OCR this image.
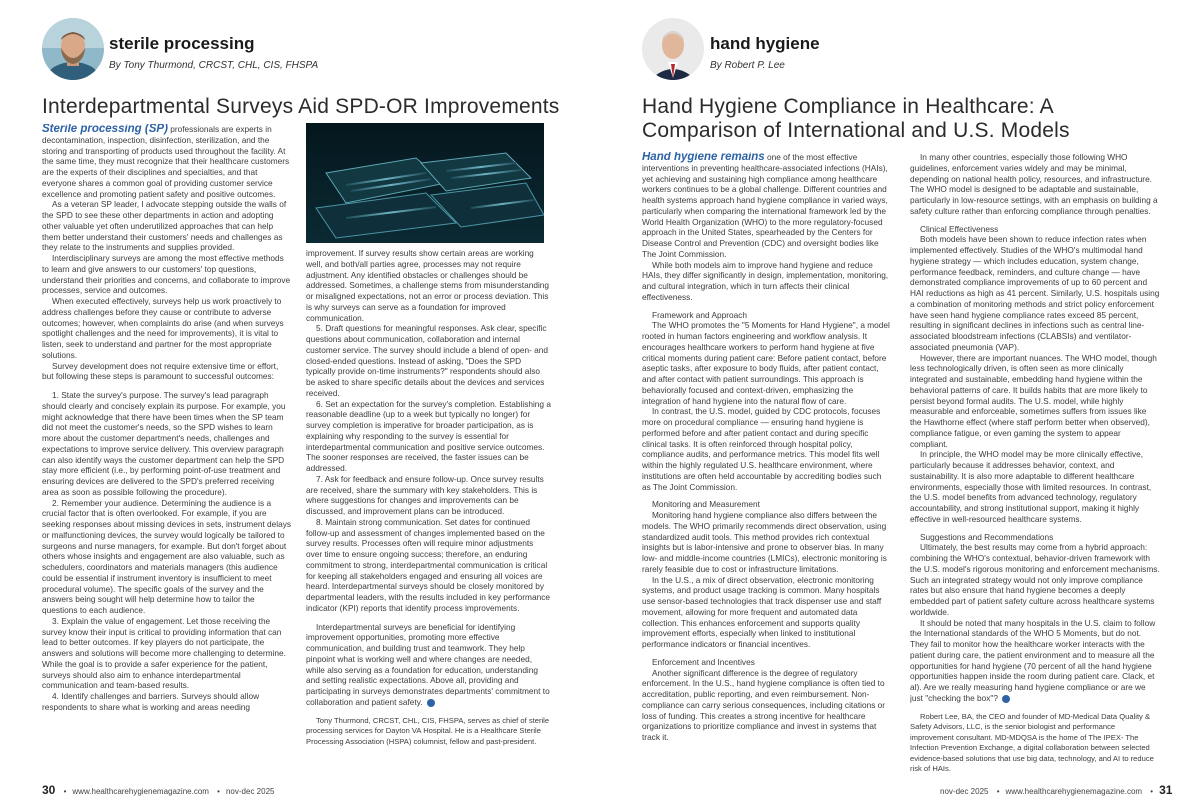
sterile processing
By Tony Thurmond, CRCST, CHL, CIS, FHSPA
Interdepartmental Surveys Aid SPD-OR Improvements

Sterile processing (SP) professionals are experts in decontamination, inspection, disinfection, sterilization, and the storing and transporting of products used throughout the facility. At the same time, they must recognize that their healthcare customers are the experts of their disciplines and specialties, and that everyone shares a common goal of providing customer service excellence and promoting patient safety and positive outcomes.

As a veteran SP leader, I advocate stepping outside the walls of the SPD to see these other departments in action and adopting other valuable yet often underutilized approaches that can help them better understand their customers' needs and challenges as they relate to the instruments and supplies provided.

Interdisciplinary surveys are among the most effective methods to learn and give answers to our customers' top questions, understand their priorities and concerns, and collaborate to improve processes, service and outcomes.

When executed effectively, surveys help us work proactively to address challenges before they cause or contribute to adverse outcomes; however, when complaints do arise (and when surveys spotlight challenges and the need for improvements), it is vital to listen, seek to understand and partner for the most appropriate solutions.

Survey development does not require extensive time or effort, but following these steps is paramount to successful outcomes:

1. State the survey's purpose. The survey's lead paragraph should clearly and concisely explain its purpose. For example, you might acknowledge that there have been times when the SP team did not meet the customer's needs, so the SPD wishes to learn more about the customer department's needs, challenges and expectations to improve service delivery. This overview paragraph can also identify ways the customer department can help the SPD stay more efficient (i.e., by performing point-of-use treatment and ensuring devices are delivered to the SPD's preferred receiving area as soon as possible following the procedure).

2. Remember your audience. Determining the audience is a crucial factor that is often overlooked. For example, if you are seeking responses about missing devices in sets, instrument delays or malfunctioning devices, the survey would logically be tailored to surgeons and nurse managers, for example. But don't forget about others whose insights and engagement are also valuable, such as schedulers, coordinators and materials managers (this audience could be essential if instrument inventory is insufficient to meet procedural volume). The specific goals of the survey and the answers being sought will help determine how to tailor the questions to each audience.

3. Explain the value of engagement. Let those receiving the survey know their input is critical to providing information that can lead to better outcomes. If key players do not participate, the answers and solutions will become more challenging to determine. While the goal is to provide a safer experience for the patient, surveys should also aim to enhance interdepartmental communication and team-based results.

4. Identify challenges and barriers. Surveys should allow respondents to share what is working and areas needing

improvement. If survey results show certain areas are working well, and both/all parties agree, processes may not require adjustment. Any identified obstacles or challenges should be addressed. Sometimes, a challenge stems from misunderstanding or misaligned expectations, not an error or process deviation. This is why surveys can serve as a foundation for improved communication.

5. Draft questions for meaningful responses. Ask clear, specific questions about communication, collaboration and internal customer service. The survey should include a blend of open- and closed-ended questions. Instead of asking, "Does the SPD typically provide on-time instruments?" respondents should also be asked to share specific details about the devices and services received.

6. Set an expectation for the survey's completion. Establishing a reasonable deadline (up to a week but typically no longer) for survey completion is imperative for broader participation, as is explaining why responding to the survey is essential for interdepartmental communication and positive service outcomes. The sooner responses are received, the faster issues can be addressed.

7. Ask for feedback and ensure follow-up. Once survey results are received, share the summary with key stakeholders. This is where suggestions for changes and improvements can be discussed, and improvement plans can be introduced.

8. Maintain strong communication. Set dates for continued follow-up and assessment of changes implemented based on the survey results. Processes often will require minor adjustments over time to ensure ongoing success; therefore, an enduring commitment to strong, interdepartmental communication is critical for keeping all stakeholders engaged and ensuring all voices are heard. Interdepartmental surveys should be closely monitored by departmental leaders, with the results included in key performance indicator (KPI) reports that identify process improvements.

Interdepartmental surveys are beneficial for identifying improvement opportunities, promoting more effective communication, and building trust and teamwork. They help pinpoint what is working well and where changes are needed, while also serving as a foundation for education, understanding and setting realistic expectations. Above all, providing and participating in surveys demonstrates departments' commitment to collaboration and patient safety.

Tony Thurmond, CRCST, CHL, CIS, FHSPA, serves as chief of sterile processing services for Dayton VA Hospital. He is a Healthcare Sterile Processing Association (HSPA) columnist, fellow and past-president.

30 • www.healthcarehygienemagazine.com • nov-dec 2025
hand hygiene
By Robert P. Lee
Hand Hygiene Compliance in Healthcare: A Comparison of International and U.S. Models

Hand hygiene remains one of the most effective interventions in preventing healthcare-associated infections (HAIs), yet achieving and sustaining high compliance among healthcare workers continues to be a global challenge. Different countries and health systems approach hand hygiene compliance in varied ways, particularly when comparing the international framework led by the World Health Organization (WHO) to the more regulatory-focused approach in the United States, spearheaded by the Centers for Disease Control and Prevention (CDC) and oversight bodies like The Joint Commission.

While both models aim to improve hand hygiene and reduce HAIs, they differ significantly in design, implementation, monitoring, and cultural integration, which in turn affects their clinical effectiveness.

Framework and Approach

The WHO promotes the "5 Moments for Hand Hygiene", a model rooted in human factors engineering and workflow analysis. It encourages healthcare workers to perform hand hygiene at five critical moments during patient care: Before patient contact, before aseptic tasks, after exposure to body fluids, after patient contact, and after contact with patient surroundings. This approach is behaviorally focused and context-driven, emphasizing the integration of hand hygiene into the natural flow of care.

In contrast, the U.S. model, guided by CDC protocols, focuses more on procedural compliance — ensuring hand hygiene is performed before and after patient contact and during specific clinical tasks. It is often reinforced through hospital policy, compliance audits, and performance metrics. This model fits well within the highly regulated U.S. healthcare environment, where institutions are often held accountable by accrediting bodies such as The Joint Commission.

Monitoring and Measurement

Monitoring hand hygiene compliance also differs between the models. The WHO primarily recommends direct observation, using standardized audit tools. This method provides rich contextual insights but is labor-intensive and prone to observer bias. In many low- and middle-income countries (LMICs), electronic monitoring is rarely feasible due to cost or infrastructure limitations.

In the U.S., a mix of direct observation, electronic monitoring systems, and product usage tracking is common. Many hospitals use sensor-based technologies that track dispenser use and staff movement, allowing for more frequent and automated data collection. This enhances enforcement and supports quality improvement efforts, especially when linked to institutional performance indicators or financial incentives.

Enforcement and Incentives

Another significant difference is the degree of regulatory enforcement. In the U.S., hand hygiene compliance is often tied to accreditation, public reporting, and even reimbursement. Non-compliance can carry serious consequences, including citations or loss of funding. This creates a strong incentive for healthcare organizations to prioritize compliance and invest in systems that track it.

In many other countries, especially those following WHO guidelines, enforcement varies widely and may be minimal, depending on national health policy, resources, and infrastructure. The WHO model is designed to be adaptable and sustainable, particularly in low-resource settings, with an emphasis on building a safety culture rather than enforcing compliance through penalties.

Clinical Effectiveness

Both models have been shown to reduce infection rates when implemented effectively. Studies of the WHO's multimodal hand hygiene strategy — which includes education, system change, performance feedback, reminders, and culture change — have demonstrated compliance improvements of up to 60 percent and HAI reductions as high as 41 percent. Similarly, U.S. hospitals using a combination of monitoring methods and strict policy enforcement have seen hand hygiene compliance rates exceed 85 percent, resulting in significant declines in infections such as central line-associated bloodstream infections (CLABSIs) and ventilator-associated pneumonia (VAP).

However, there are important nuances. The WHO model, though less technologically driven, is often seen as more clinically integrated and sustainable, embedding hand hygiene within the behavioral patterns of care. It builds habits that are more likely to persist beyond formal audits. The U.S. model, while highly measurable and enforceable, sometimes suffers from issues like the Hawthorne effect (where staff perform better when observed), compliance fatigue, or even gaming the system to appear compliant.

In principle, the WHO model may be more clinically effective, particularly because it addresses behavior, context, and sustainability. It is also more adaptable to different healthcare environments, especially those with limited resources. In contrast, the U.S. model benefits from advanced technology, regulatory accountability, and strong institutional support, making it highly effective in well-resourced healthcare systems.

Suggestions and Recommendations

Ultimately, the best results may come from a hybrid approach: combining the WHO's contextual, behavior-driven framework with the U.S. model's rigorous monitoring and enforcement mechanisms. Such an integrated strategy would not only improve compliance rates but also ensure that hand hygiene becomes a deeply embedded part of patient safety culture across healthcare systems worldwide.

It should be noted that many hospitals in the U.S. claim to follow the International standards of the WHO 5 Moments, but do not. They fail to monitor how the healthcare worker interacts with the patient during care, the patient environment and to measure all the opportunities for hand hygiene (70 percent of all the hand hygiene opportunities happen inside the room during patient care. Clack, et al). Are we really measuring hand hygiene compliance or are we just "checking the box"?

Robert Lee, BA, the CEO and founder of MD-Medical Data Quality & Safety Advisors, LLC, is the senior biologist and performance improvement consultant. MD-MDQSA is the home of The IPEX- The Infection Prevention Exchange, a digital collaboration between selected evidence-based solutions that use big data, technology, and AI to reduce risk of HAIs.

nov-dec 2025 • www.healthcarehygienemagazine.com • 31
